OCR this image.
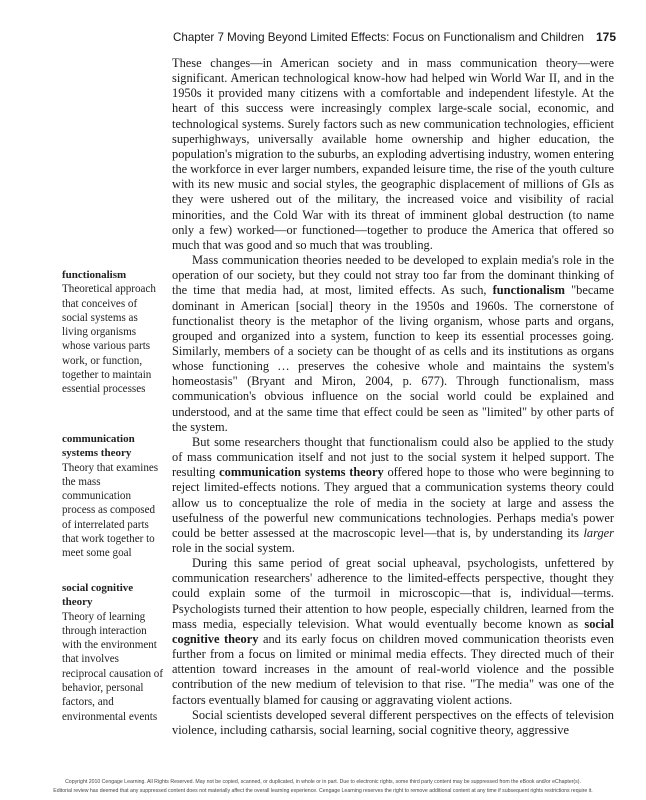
Chapter 7 Moving Beyond Limited Effects: Focus on Functionalism and Children 175

These changes—in American society and in mass communication theory—were significant. American technological know-how had helped win World War II, and in the 1950s it provided many citizens with a comfortable and independent lifestyle. At the heart of this success were increasingly complex large-scale social, economic, and technological systems. Surely factors such as new communication technologies, efficient superhighways, universally available home ownership and higher education, the population's migration to the suburbs, an exploding advertising industry, women entering the workforce in ever larger numbers, expanded leisure time, the rise of the youth culture with its new music and social styles, the geographic displacement of millions of GIs as they were ushered out of the military, the increased voice and visibility of racial minorities, and the Cold War with its threat of imminent global destruction (to name only a few) worked—or functioned—together to produce the America that offered so much that was good and so much that was troubling.

Mass communication theories needed to be developed to explain media's role in the operation of our society, but they could not stray too far from the dominant thinking of the time that media had, at most, limited effects. As such, functionalism "became dominant in American [social] theory in the 1950s and 1960s. The cornerstone of functionalist theory is the metaphor of the living organism, whose parts and organs, grouped and organized into a system, function to keep its essential processes going. Similarly, members of a society can be thought of as cells and its institutions as organs whose functioning … preserves the cohesive whole and maintains the system's homeostasis" (Bryant and Miron, 2004, p. 677). Through functionalism, mass communication's obvious influence on the social world could be explained and understood, and at the same time that effect could be seen as "limited" by other parts of the system.

But some researchers thought that functionalism could also be applied to the study of mass communication itself and not just to the social system it helped support. The resulting communication systems theory offered hope to those who were beginning to reject limited-effects notions. They argued that a communication systems theory could allow us to conceptualize the role of media in the society at large and assess the usefulness of the powerful new communications technologies. Perhaps media's power could be better assessed at the macroscopic level—that is, by understanding its larger role in the social system.

During this same period of great social upheaval, psychologists, unfettered by communication researchers' adherence to the limited-effects perspective, thought they could explain some of the turmoil in microscopic—that is, individual—terms. Psychologists turned their attention to how people, especially children, learned from the mass media, especially television. What would eventually become known as social cognitive theory and its early focus on children moved communication theorists even further from a focus on limited or minimal media effects. They directed much of their attention toward increases in the amount of real-world violence and the possible contribution of the new medium of television to that rise. "The media" was one of the factors eventually blamed for causing or aggravating violent actions.

Social scientists developed several different perspectives on the effects of television violence, including catharsis, social learning, social cognitive theory, aggressive

functionalism
Theoretical approach that conceives of social systems as living organisms whose various parts work, or function, together to maintain essential processes
communication systems theory
Theory that examines the mass communication process as composed of interrelated parts that work together to meet some goal
social cognitive theory
Theory of learning through interaction with the environment that involves reciprocal causation of behavior, personal factors, and environmental events
Copyright 2010 Cengage Learning. All Rights Reserved. May not be copied, scanned, or duplicated, in whole or in part. Due to electronic rights, some third party content may be suppressed from the eBook and/or eChapter(s).
Editorial review has deemed that any suppressed content does not materially affect the overall learning experience. Cengage Learning reserves the right to remove additional content at any time if subsequent rights restrictions require it.
